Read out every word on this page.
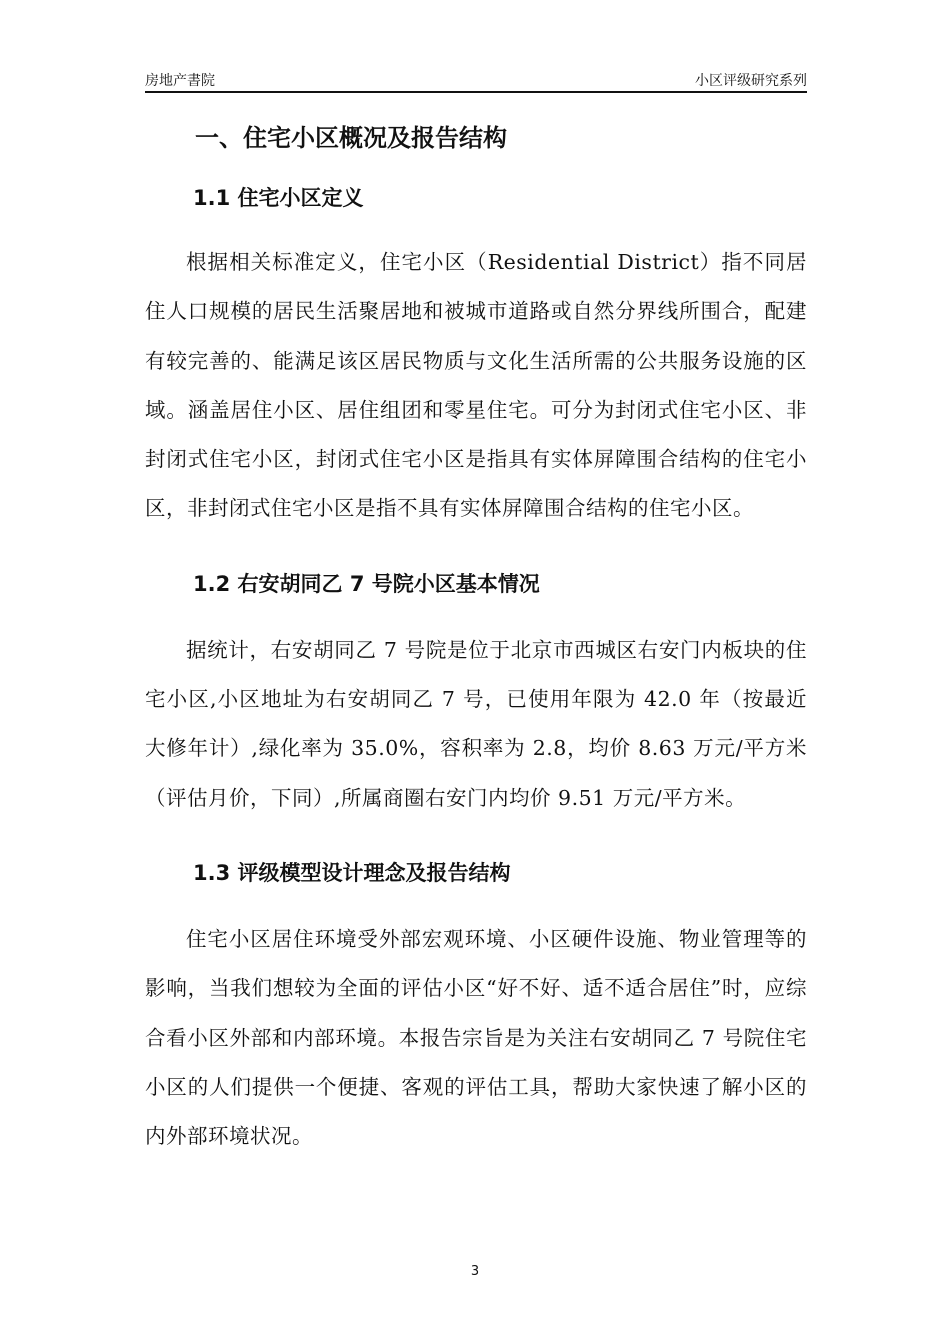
房地产書院	小区评级研究系列
一、住宅小区概况及报告结构
1.1 住宅小区定义

根据相关标准定义，住宅小区（Residential District）指不同居住人口规模的居民生活聚居地和被城市道路或自然分界线所围合，配建有较完善的、能满足该区居民物质与文化生活所需的公共服务设施的区域。涵盖居住小区、居住组团和零星住宅。可分为封闭式住宅小区、非封闭式住宅小区，封闭式住宅小区是指具有实体屏障围合结构的住宅小区，非封闭式住宅小区是指不具有实体屏障围合结构的住宅小区。

1.2 右安胡同乙 7 号院小区基本情况

据统计，右安胡同乙 7 号院是位于北京市西城区右安门内板块的住宅小区,小区地址为右安胡同乙 7 号，已使用年限为 42.0 年（按最近大修年计）,绿化率为 35.0%，容积率为 2.8，均价 8.63 万元/平方米（评估月价，下同）,所属商圈右安门内均价 9.51 万元/平方米。

1.3 评级模型设计理念及报告结构

住宅小区居住环境受外部宏观环境、小区硬件设施、物业管理等的影响，当我们想较为全面的评估小区“好不好、适不适合居住”时，应综合看小区外部和内部环境。本报告宗旨是为关注右安胡同乙 7 号院住宅小区的人们提供一个便捷、客观的评估工具，帮助大家快速了解小区的内外部环境状况。

3
